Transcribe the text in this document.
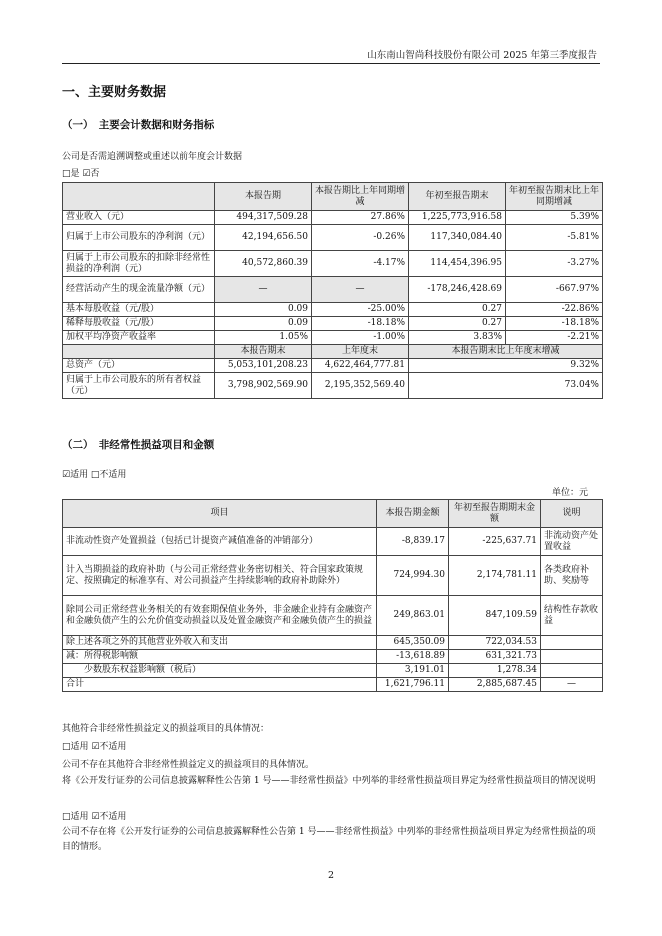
山东南山智尚科技股份有限公司 2025 年第三季度报告
一、主要财务数据
（一）　主要会计数据和财务指标
公司是否需追溯调整或重述以前年度会计数据
□是 ☑否
	本报告期	本报告期比上年同期增减	年初至报告期末	年初至报告期末比上年同期增减
营业收入（元）	494,317,509.28	27.86%	1,225,773,916.58	5.39%
归属于上市公司股东的净利润（元）	42,194,656.50	-0.26%	117,340,084.40	-5.81%
归属于上市公司股东的扣除非经常性损益的净利润（元）	40,572,860.39	-4.17%	114,454,396.95	-3.27%
经营活动产生的现金流量净额（元）	—	—	-178,246,428.69	-667.97%
基本每股收益（元/股）	0.09	-25.00%	0.27	-22.86%
稀释每股收益（元/股）	0.09	-18.18%	0.27	-18.18%
加权平均净资产收益率	1.05%	-1.00%	3.83%	-2.21%
	本报告期末	上年度末	本报告期末比上年度末增减	
总资产（元）	5,053,101,208.23	4,622,464,777.81	9.32%	
归属于上市公司股东的所有者权益（元）	3,798,902,569.90	2,195,352,569.40	73.04%	
（二）　非经常性损益项目和金额
☑适用 □不适用
单位：元
项目	本报告期金额	年初至报告期期末金额	说明
非流动性资产处置损益（包括已计提资产减值准备的冲销部分）	-8,839.17	-225,637.71	非流动资产处置收益
计入当期损益的政府补助（与公司正常经营业务密切相关、符合国家政策规定、按照确定的标准享有、对公司损益产生持续影响的政府补助除外）	724,994.30	2,174,781.11	各类政府补助、奖励等
除同公司正常经营业务相关的有效套期保值业务外，非金融企业持有金融资产和金融负债产生的公允价值变动损益以及处置金融资产和金融负债产生的损益	249,863.01	847,109.59	结构性存款收益
除上述各项之外的其他营业外收入和支出	645,350.09	722,034.53	
减：所得税影响额	-13,618.89	631,321.73	
　　少数股东权益影响额（税后）	3,191.01	1,278.34	
合计	1,621,796.11	2,885,687.45	—
其他符合非经常性损益定义的损益项目的具体情况：
□适用 ☑不适用
公司不存在其他符合非经常性损益定义的损益项目的具体情况。
将《公开发行证券的公司信息披露解释性公告第 1 号——非经常性损益》中列举的非经常性损益项目界定为经常性损益项目的情况说明
□适用 ☑不适用
公司不存在将《公开发行证券的公司信息披露解释性公告第 1 号——非经常性损益》中列举的非经常性损益项目界定为经常性损益的项目的情形。
2
